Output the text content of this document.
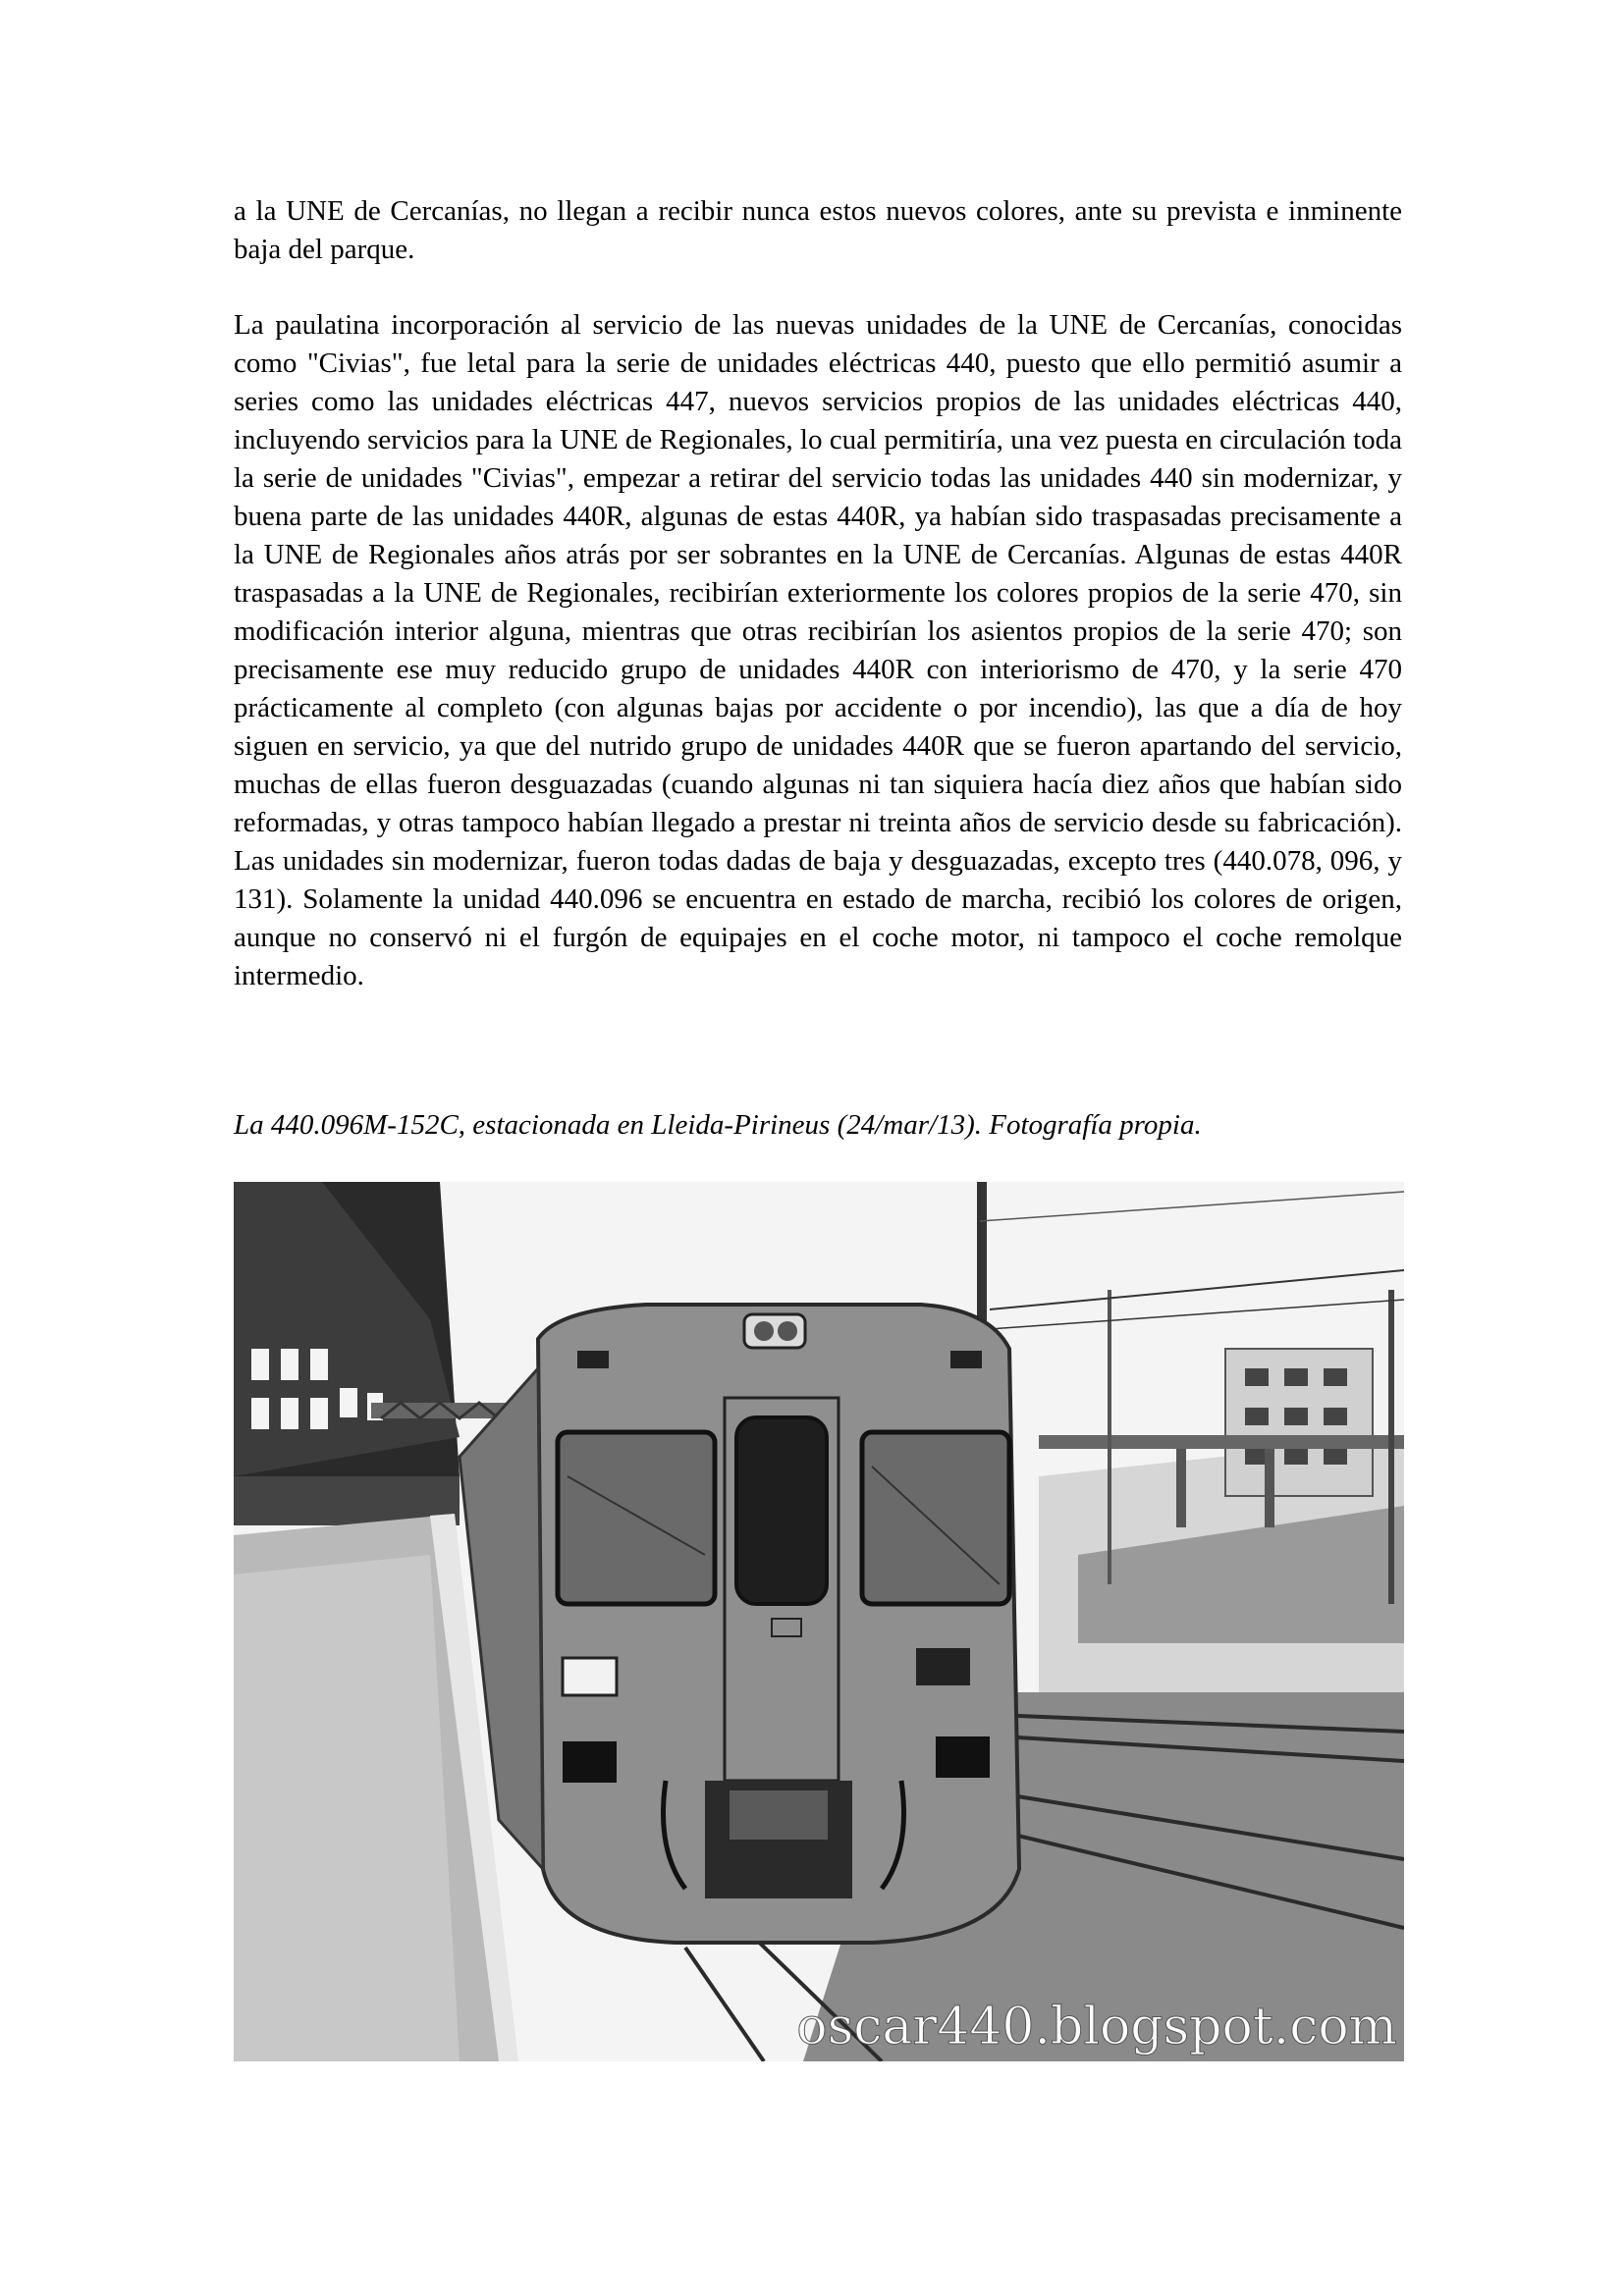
a la UNE de Cercanías, no llegan a recibir nunca estos nuevos colores, ante su prevista e inminente baja del parque.

La paulatina incorporación al servicio de las nuevas unidades de la UNE de Cercanías, conocidas como "Civias", fue letal para la serie de unidades eléctricas 440, puesto que ello permitió asumir a series como las unidades eléctricas 447, nuevos servicios propios de las unidades eléctricas 440, incluyendo servicios para la UNE de Regionales, lo cual permitiría, una vez puesta en circulación toda la serie de unidades "Civias", empezar a retirar del servicio todas las unidades 440 sin modernizar, y buena parte de las unidades 440R, algunas de estas 440R, ya habían sido traspasadas precisamente a la UNE de Regionales años atrás por ser sobrantes en la UNE de Cercanías. Algunas de estas 440R traspasadas a la UNE de Regionales, recibirían exteriormente los colores propios de la serie 470, sin modificación interior alguna, mientras que otras recibirían los asientos propios de la serie 470; son precisamente ese muy reducido grupo de unidades 440R con interiorismo de 470, y la serie 470 prácticamente al completo (con algunas bajas por accidente o por incendio), las que a día de hoy siguen en servicio, ya que del nutrido grupo de unidades 440R que se fueron apartando del servicio, muchas de ellas fueron desguazadas (cuando algunas ni tan siquiera hacía diez años que habían sido reformadas, y otras tampoco habían llegado a prestar ni treinta años de servicio desde su fabricación). Las unidades sin modernizar, fueron todas dadas de baja y desguazadas, excepto tres (440.078, 096, y 131). Solamente la unidad 440.096 se encuentra en estado de marcha, recibió los colores de origen, aunque no conservó ni el furgón de equipajes en el coche motor, ni tampoco el coche remolque intermedio.

La 440.096M-152C, estacionada en Lleida-Pirineus (24/mar/13). Fotografía propia.

oscar440.blogspot.com
